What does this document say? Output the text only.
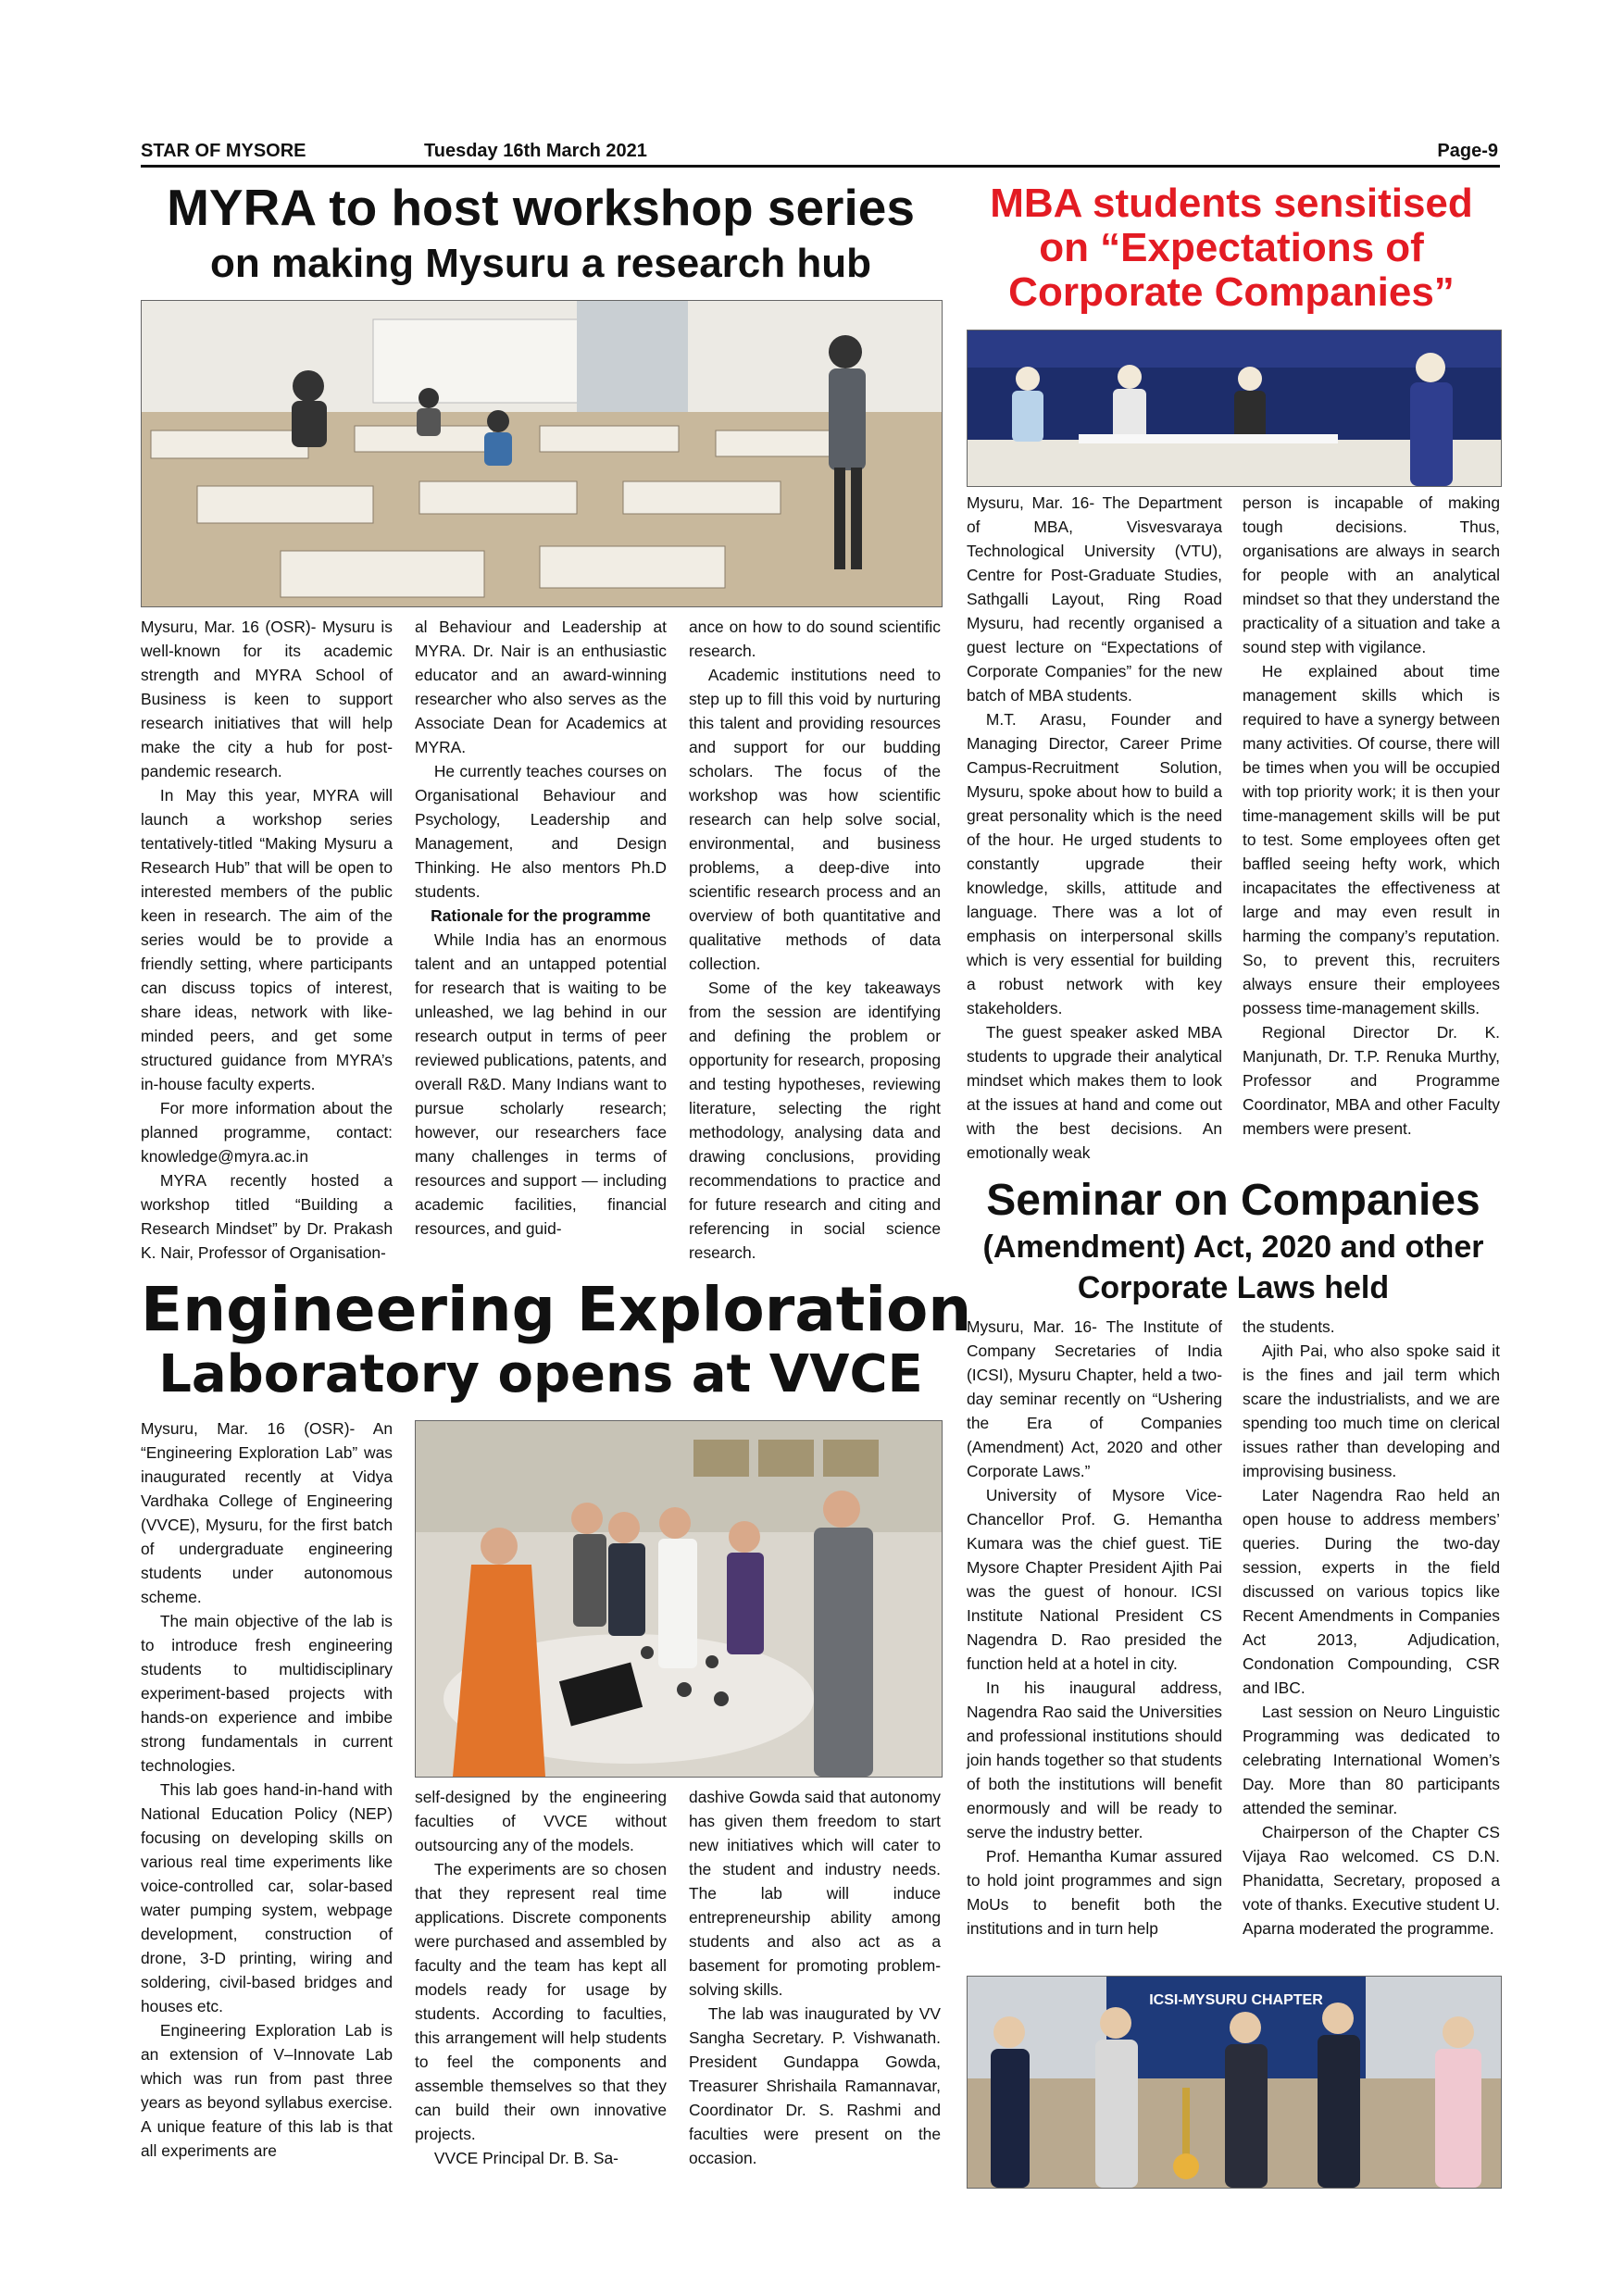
STAR OF MYSORE	Tuesday 16th March 2021	Page-9
MYRA to host workshop series
on making Mysuru a research hub

Mysuru, Mar. 16 (OSR)- Mysuru is well-known for its academic strength and MYRA School of Business is keen to support research initiatives that will help make the city a hub for post-pandemic research.

In May this year, MYRA will launch a workshop series tentatively-titled “Making Mysuru a Research Hub” that will be open to interested members of the public keen in research. The aim of the series would be to provide a friendly setting, where participants can discuss topics of interest, share ideas, network with like-minded peers, and get some structured guidance from MYRA’s in-house faculty experts.

For more information about the planned programme, contact: knowledge@myra.ac.in

MYRA recently hosted a workshop titled “Building a Research Mindset” by Dr. Prakash K. Nair, Professor of Organisation-

al Behaviour and Leadership at MYRA. Dr. Nair is an enthusiastic educator and an award-winning researcher who also serves as the Associate Dean for Academics at MYRA.

He currently teaches courses on Organisational Behaviour and Psychology, Leadership and Management, and Design Thinking. He also mentors Ph.D students.

Rationale for the programme

While India has an enormous talent and an untapped potential for research that is waiting to be unleashed, we lag behind in our research output in terms of peer reviewed publications, patents, and overall R&D. Many Indians want to pursue scholarly research; however, our researchers face many challenges in terms of resources and support — including academic facilities, financial resources, and guid-

ance on how to do sound scientific research.

Academic institutions need to step up to fill this void by nurturing this talent and providing resources and support for our budding scholars. The focus of the workshop was how scientific research can help solve social, environmental, and business problems, a deep-dive into scientific research process and an overview of both quantitative and qualitative methods of data collection.

Some of the key takeaways from the session are identifying and defining the problem or opportunity for research, proposing and testing hypotheses, reviewing literature, selecting the right methodology, analysing data and drawing conclusions, providing recommendations to practice and for future research and citing and referencing in social science research.

MBA students sensitised
on “Expectations of
Corporate Companies”

Mysuru, Mar. 16- The Department of MBA, Visvesvaraya Technological University (VTU), Centre for Post-Graduate Studies, Sathgalli Layout, Ring Road Mysuru, had recently organised a guest lecture on “Expectations of Corporate Companies” for the new batch of MBA students.

M.T. Arasu, Founder and Managing Director, Career Prime Campus-Recruitment Solution, Mysuru, spoke about how to build a great personality which is the need of the hour. He urged students to constantly upgrade their knowledge, skills, attitude and language. There was a lot of emphasis on interpersonal skills which is very essential for building a robust network with key stakeholders.

The guest speaker asked MBA students to upgrade their analytical mindset which makes them to look at the issues at hand and come out with the best decisions. An emotionally weak

person is incapable of making tough decisions. Thus, organisations are always in search for people with an analytical mindset so that they understand the practicality of a situation and take a sound step with vigilance.

He explained about time management skills which is required to have a synergy between many activities. Of course, there will be times when you will be occupied with top priority work; it is then your time-management skills will be put to test. Some employees often get baffled seeing hefty work, which incapacitates the effectiveness at large and may even result in harming the company’s reputation. So, to prevent this, recruiters always ensure their employees possess time-management skills.

Regional Director Dr. K. Manjunath, Dr. T.P. Renuka Murthy, Professor and Programme Coordinator, MBA and other Faculty members were present.

Seminar on Companies
(Amendment) Act, 2020 and other
Corporate Laws held

Mysuru, Mar. 16- The Institute of Company Secretaries of India (ICSI), Mysuru Chapter, held a two-day seminar recently on “Ushering the Era of Companies (Amendment) Act, 2020 and other Corporate Laws.”

University of Mysore Vice-Chancellor Prof. G. Hemantha Kumara was the chief guest. TiE Mysore Chapter President Ajith Pai was the guest of honour. ICSI Institute National President CS Nagendra D. Rao presided the function held at a hotel in city.

In his inaugural address, Nagendra Rao said the Universities and professional institutions should join hands together so that students of both the institutions will benefit enormously and will be ready to serve the industry better.

Prof. Hemantha Kumar assured to hold joint programmes and sign MoUs to benefit both the institutions and in turn help

the students.

Ajith Pai, who also spoke said it is the fines and jail term which scare the industrialists, and we are spending too much time on clerical issues rather than developing and improvising business.

Later Nagendra Rao held an open house to address members’ queries. During the two-day session, experts in the field discussed on various topics like Recent Amendments in Companies Act 2013, Adjudication, Condonation Compounding, CSR and IBC.

Last session on Neuro Linguistic Programming was dedicated to celebrating International Women’s Day. More than 80 participants attended the seminar.

Chairperson of the Chapter CS Vijaya Rao welcomed. CS D.N. Phanidatta, Secretary, proposed a vote of thanks. Executive student U. Aparna moderated the programme.

ICSI-MYSURU CHAPTER
Engineering Exploration
Laboratory opens at VVCE

Mysuru, Mar. 16 (OSR)- An “Engineering Exploration Lab” was inaugurated recently at Vidya Vardhaka College of Engineering (VVCE), Mysuru, for the first batch of undergraduate engineering students under autonomous scheme.

The main objective of the lab is to introduce fresh engineering students to multidisciplinary experiment-based projects with hands-on experience and imbibe strong fundamentals in current technologies.

This lab goes hand-in-hand with National Education Policy (NEP) focusing on developing skills on various real time experiments like voice-controlled car, solar-based water pumping system, webpage development, construction of drone, 3-D printing, wiring and soldering, civil-based bridges and houses etc.

Engineering Exploration Lab is an extension of V–Innovate Lab which was run from past three years as beyond syllabus exercise. A unique feature of this lab is that all experiments are

self-designed by the engineering faculties of VVCE without outsourcing any of the models.

The experiments are so chosen that they represent real time applications. Discrete components were purchased and assembled by faculty and the team has kept all models ready for usage by students. According to faculties, this arrangement will help students to feel the components and assemble themselves so that they can build their own innovative projects.

VVCE Principal Dr. B. Sa-

dashive Gowda said that autonomy has given them freedom to start new initiatives which will cater to the student and industry needs. The lab will induce entrepreneurship ability among students and also act as a basement for promoting problem-solving skills.

The lab was inaugurated by VV Sangha Secretary. P. Vishwanath. President Gundappa Gowda, Treasurer Shrishaila Ramannavar, Coordinator Dr. S. Rashmi and faculties were present on the occasion.
